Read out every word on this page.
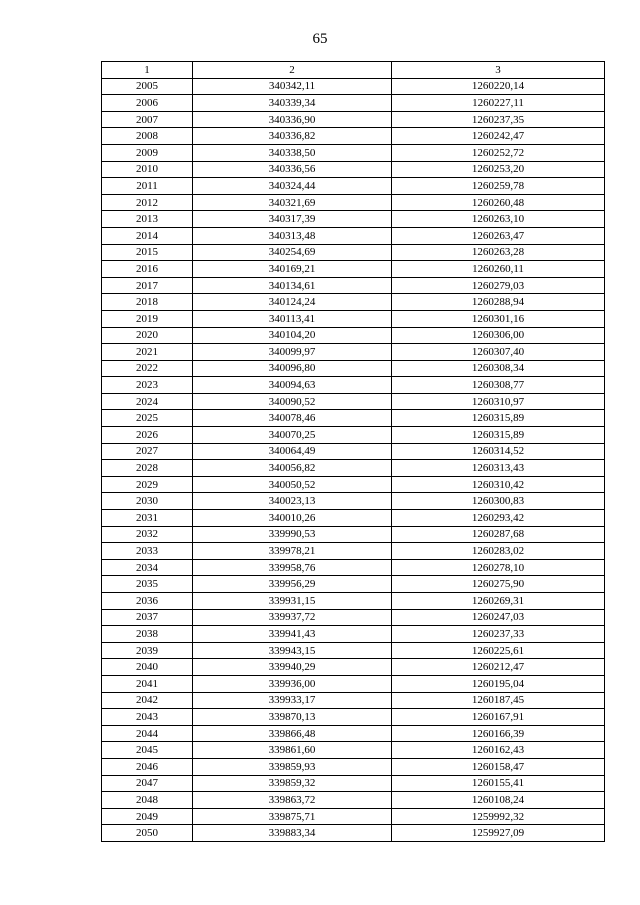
65
1	2	3
2005	340342,11	1260220,14
2006	340339,34	1260227,11
2007	340336,90	1260237,35
2008	340336,82	1260242,47
2009	340338,50	1260252,72
2010	340336,56	1260253,20
2011	340324,44	1260259,78
2012	340321,69	1260260,48
2013	340317,39	1260263,10
2014	340313,48	1260263,47
2015	340254,69	1260263,28
2016	340169,21	1260260,11
2017	340134,61	1260279,03
2018	340124,24	1260288,94
2019	340113,41	1260301,16
2020	340104,20	1260306,00
2021	340099,97	1260307,40
2022	340096,80	1260308,34
2023	340094,63	1260308,77
2024	340090,52	1260310,97
2025	340078,46	1260315,89
2026	340070,25	1260315,89
2027	340064,49	1260314,52
2028	340056,82	1260313,43
2029	340050,52	1260310,42
2030	340023,13	1260300,83
2031	340010,26	1260293,42
2032	339990,53	1260287,68
2033	339978,21	1260283,02
2034	339958,76	1260278,10
2035	339956,29	1260275,90
2036	339931,15	1260269,31
2037	339937,72	1260247,03
2038	339941,43	1260237,33
2039	339943,15	1260225,61
2040	339940,29	1260212,47
2041	339936,00	1260195,04
2042	339933,17	1260187,45
2043	339870,13	1260167,91
2044	339866,48	1260166,39
2045	339861,60	1260162,43
2046	339859,93	1260158,47
2047	339859,32	1260155,41
2048	339863,72	1260108,24
2049	339875,71	1259992,32
2050	339883,34	1259927,09
